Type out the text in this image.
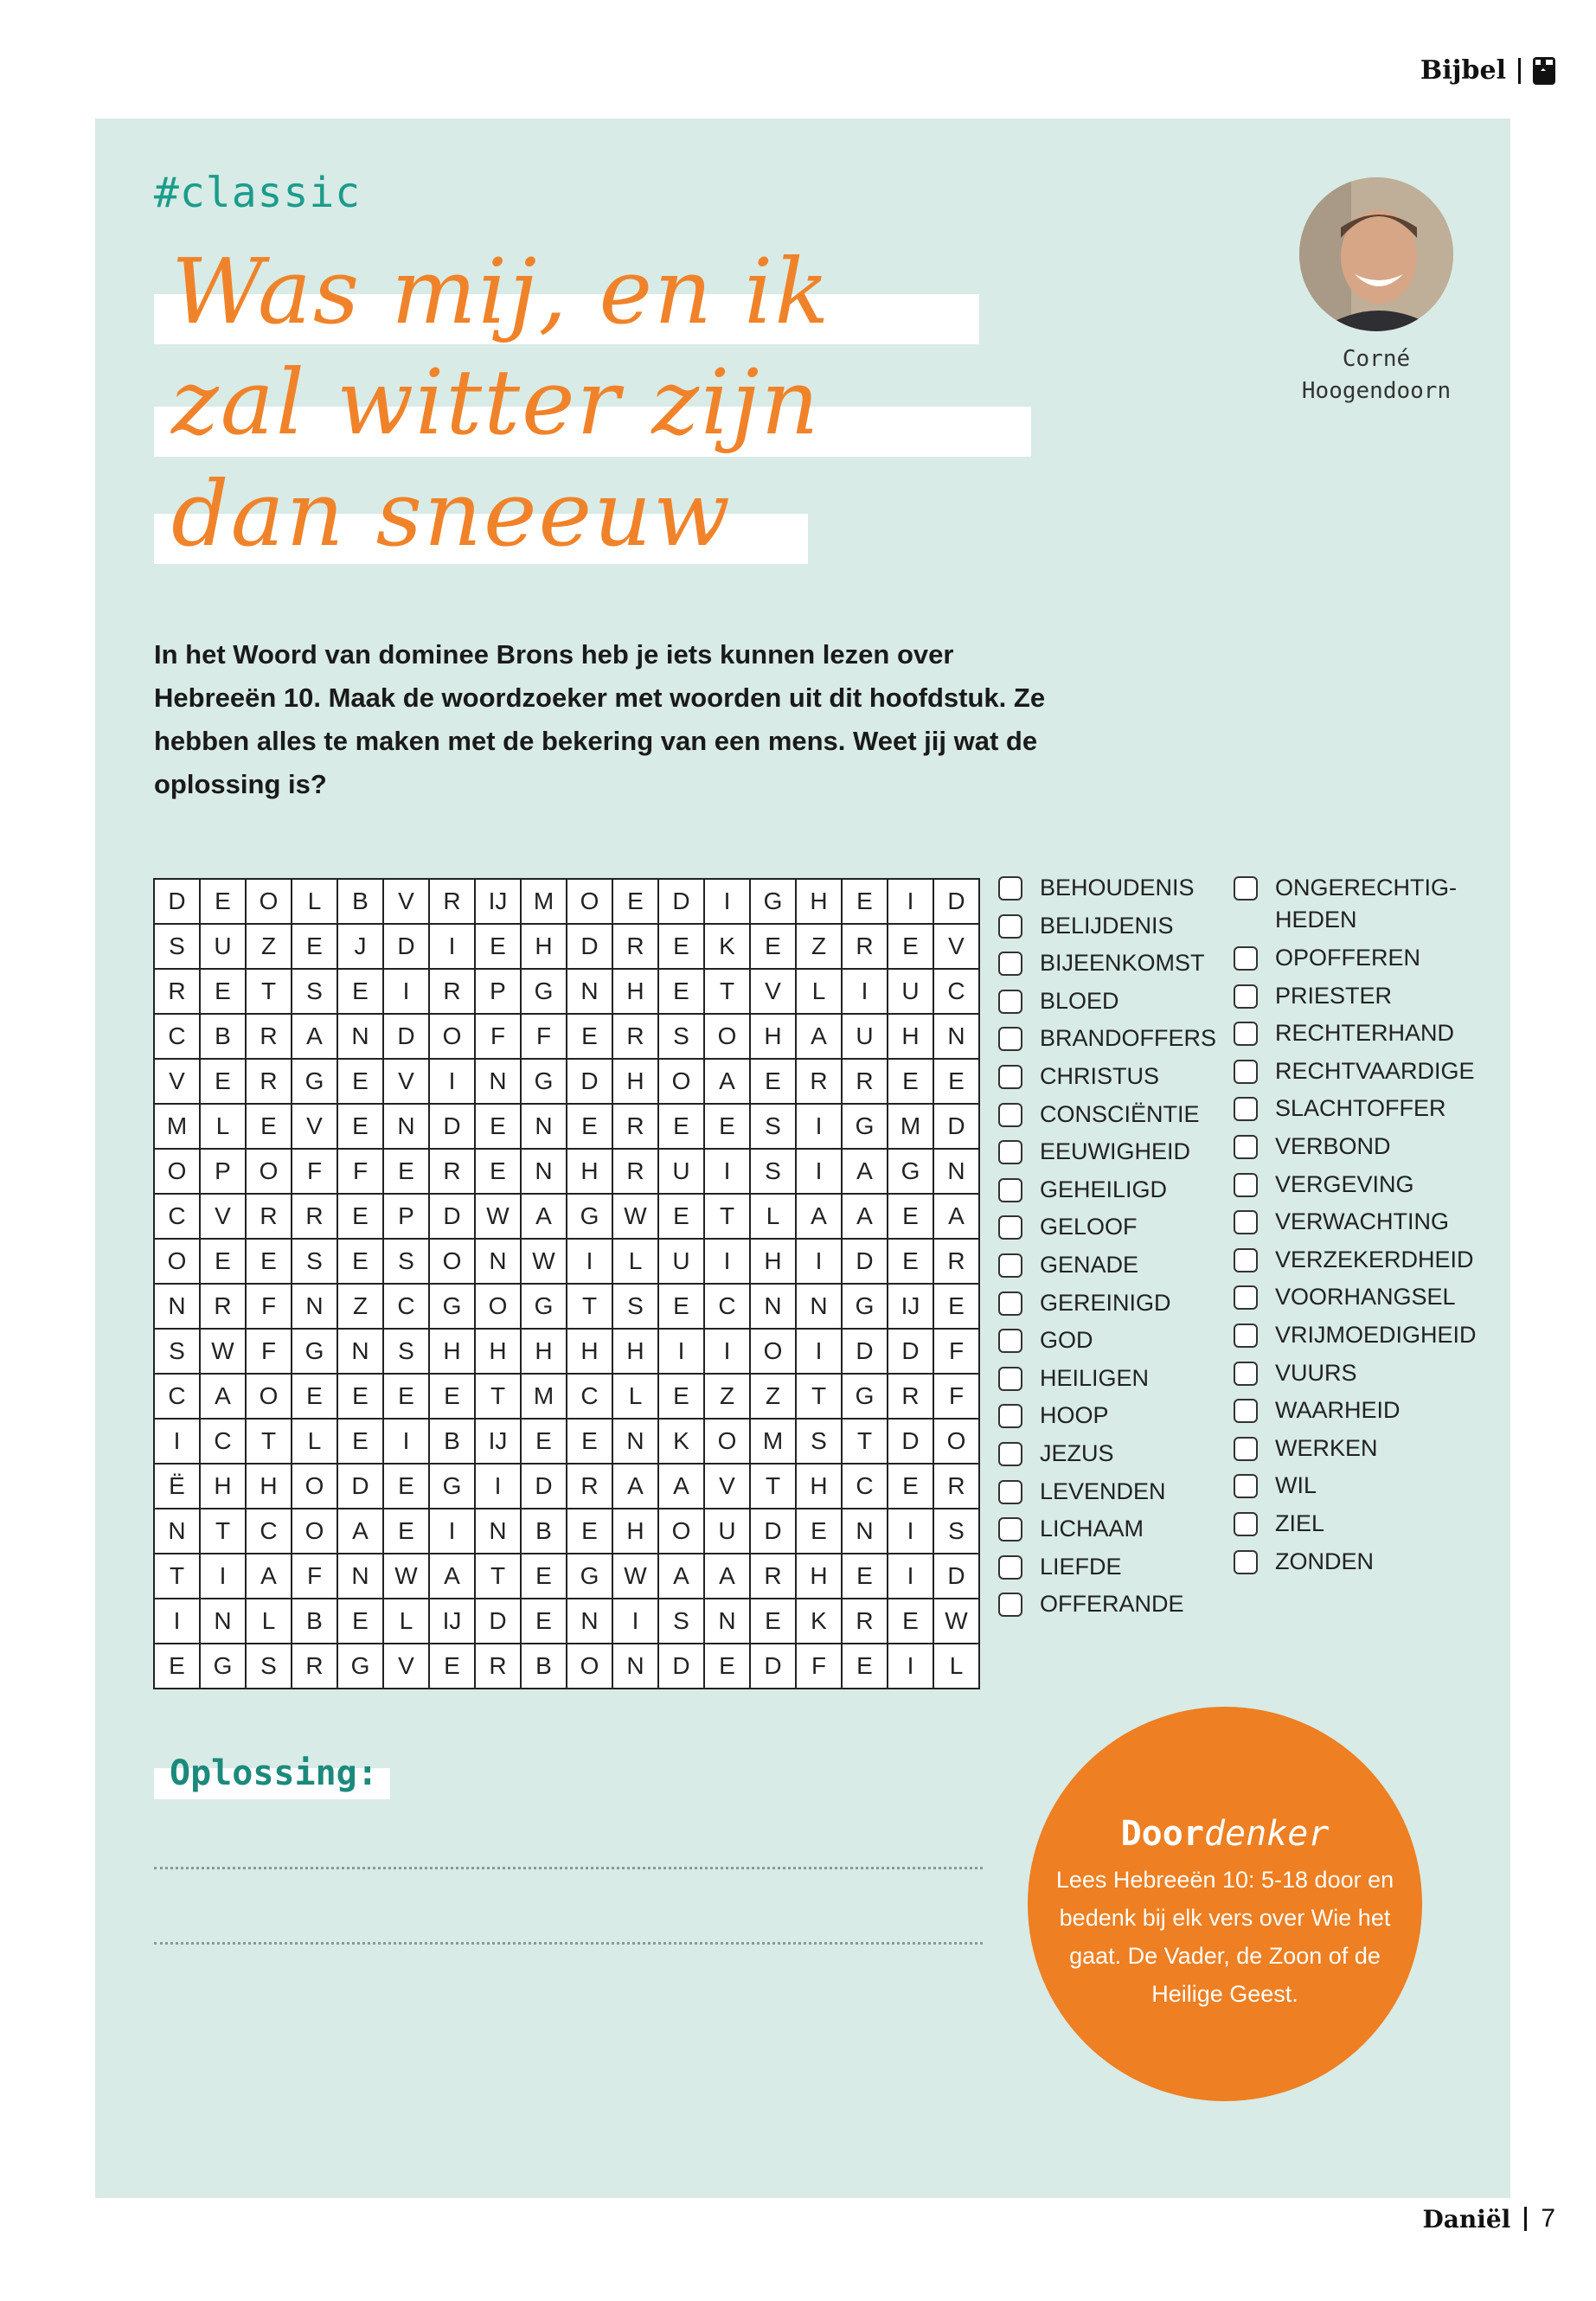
Bijbel
#classic
Was mij, en ik
zal witter zijn
dan sneeuw
Corné
Hoogendoorn
In het Woord van dominee Brons heb je iets kunnen lezen over Hebreeën 10. Maak de woordzoeker met woorden uit dit hoofdstuk. Ze hebben alles te maken met de bekering van een mens. Weet jij wat de oplossing is?
D	E	O	L	B	V	R	IJ	M	O	E	D	I	G	H	E	I	D
S	U	Z	E	J	D	I	E	H	D	R	E	K	E	Z	R	E	V
R	E	T	S	E	I	R	P	G	N	H	E	T	V	L	I	U	C
C	B	R	A	N	D	O	F	F	E	R	S	O	H	A	U	H	N
V	E	R	G	E	V	I	N	G	D	H	O	A	E	R	R	E	E
M	L	E	V	E	N	D	E	N	E	R	E	E	S	I	G	M	D
O	P	O	F	F	E	R	E	N	H	R	U	I	S	I	A	G	N
C	V	R	R	E	P	D	W	A	G	W	E	T	L	A	A	E	A
O	E	E	S	E	S	O	N	W	I	L	U	I	H	I	D	E	R
N	R	F	N	Z	C	G	O	G	T	S	E	C	N	N	G	IJ	E
S	W	F	G	N	S	H	H	H	H	H	I	I	O	I	D	D	F
C	A	O	E	E	E	E	T	M	C	L	E	Z	Z	T	G	R	F
I	C	T	L	E	I	B	IJ	E	E	N	K	O	M	S	T	D	O
Ë	H	H	O	D	E	G	I	D	R	A	A	V	T	H	C	E	R
N	T	C	O	A	E	I	N	B	E	H	O	U	D	E	N	I	S
T	I	A	F	N	W	A	T	E	G	W	A	A	R	H	E	I	D
I	N	L	B	E	L	IJ	D	E	N	I	S	N	E	K	R	E	W
E	G	S	R	G	V	E	R	B	O	N	D	E	D	F	E	I	L
BEHOUDENIS
BELIJDENIS
BIJEENKOMST
BLOED
BRANDOFFERS
CHRISTUS
CONSCIËNTIE
EEUWIGHEID
GEHEILIGD
GELOOF
GENADE
GEREINIGD
GOD
HEILIGEN
HOOP
JEZUS
LEVENDEN
LICHAAM
LIEFDE
OFFERANDE
ONGERECHTIG-
HEDEN
OPOFFEREN
PRIESTER
RECHTERHAND
RECHTVAARDIGE
SLACHTOFFER
VERBOND
VERGEVING
VERWACHTING
VERZEKERDHEID
VOORHANGSEL
VRIJMOEDIGHEID
VUURS
WAARHEID
WERKEN
WIL
ZIEL
ZONDEN
Oplossing:
Doordenker
Lees Hebreeën 10: 5-18 door en bedenk bij elk vers over Wie het gaat. De Vader, de Zoon of de Heilige Geest.
Daniël 7
